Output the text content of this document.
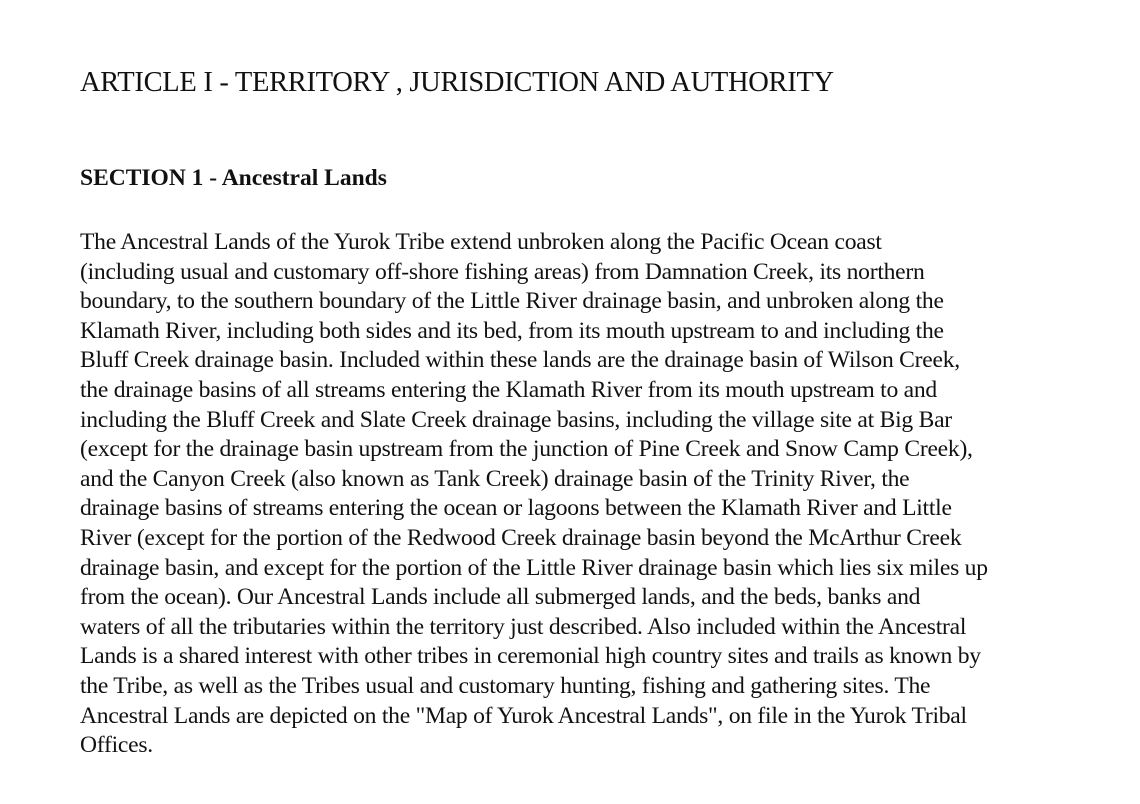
ARTICLE I - TERRITORY , JURISDICTION AND AUTHORITY
SECTION 1 - Ancestral Lands

The Ancestral Lands of the Yurok Tribe extend unbroken along the Pacific Ocean coast
(including usual and customary off-shore fishing areas) from Damnation Creek, its northern
boundary, to the southern boundary of the Little River drainage basin, and unbroken along the
Klamath River, including both sides and its bed, from its mouth upstream to and including the
Bluff Creek drainage basin. Included within these lands are the drainage basin of Wilson Creek,
the drainage basins of all streams entering the Klamath River from its mouth upstream to and
including the Bluff Creek and Slate Creek drainage basins, including the village site at Big Bar
(except for the drainage basin upstream from the junction of Pine Creek and Snow Camp Creek),
and the Canyon Creek (also known as Tank Creek) drainage basin of the Trinity River, the
drainage basins of streams entering the ocean or lagoons between the Klamath River and Little
River (except for the portion of the Redwood Creek drainage basin beyond the McArthur Creek
drainage basin, and except for the portion of the Little River drainage basin which lies six miles up
from the ocean). Our Ancestral Lands include all submerged lands, and the beds, banks and
waters of all the tributaries within the territory just described. Also included within the Ancestral
Lands is a shared interest with other tribes in ceremonial high country sites and trails as known by
the Tribe, as well as the Tribes usual and customary hunting, fishing and gathering sites. The
Ancestral Lands are depicted on the "Map of Yurok Ancestral Lands", on file in the Yurok Tribal
Offices.
